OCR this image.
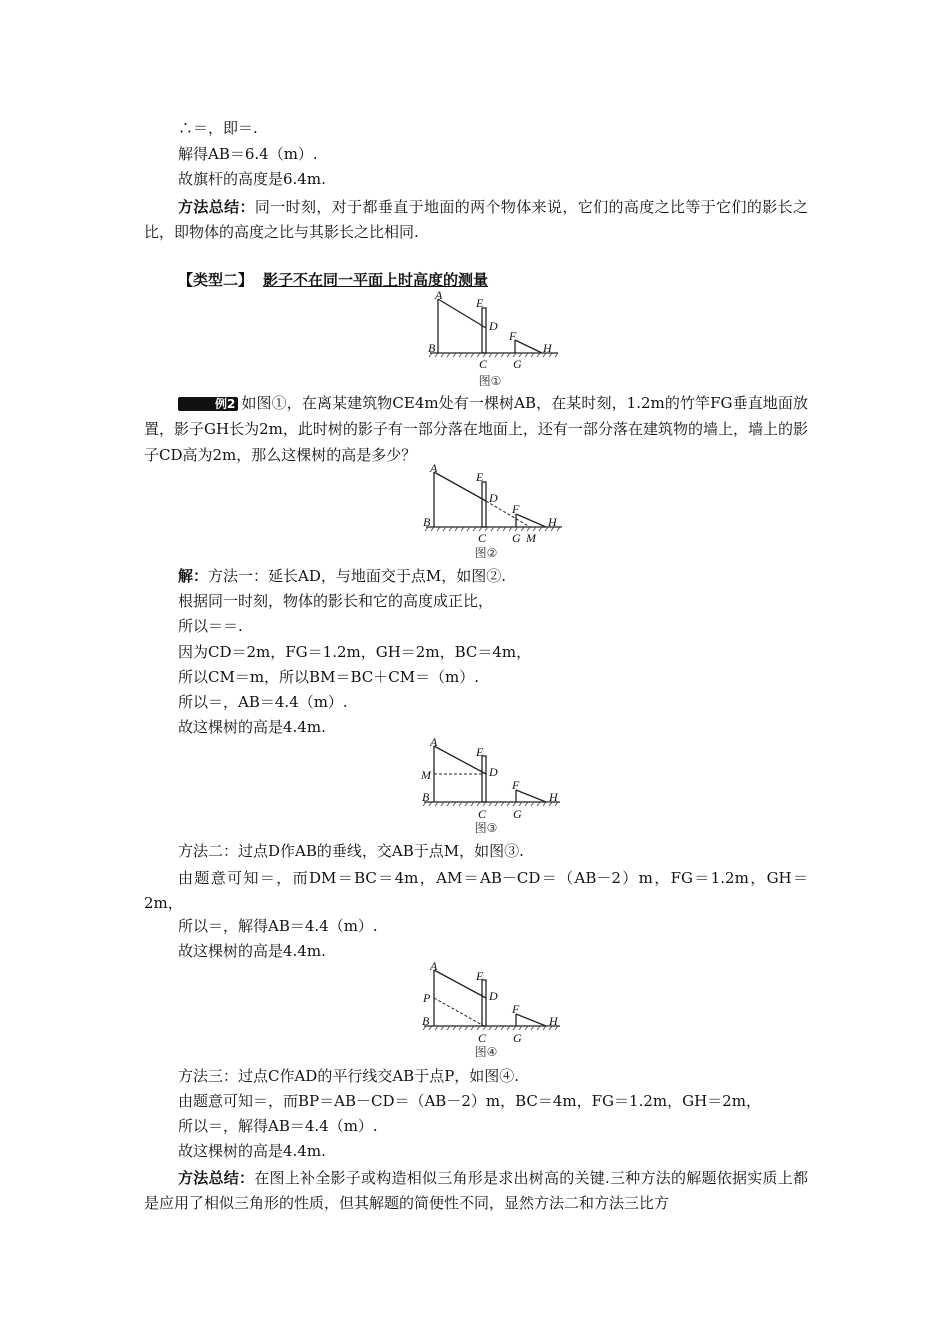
∴＝，即＝.
解得AB＝6.4（m）.
故旗杆的高度是6.4m.
方法总结：同一时刻，对于都垂直于地面的两个物体来说，它们的高度之比等于它们的影长之比，即物体的高度之比与其影长之比相同.
【类型二】 影子不在同一平面上时高度的测量
A
B
C
D
E
F
G
H
图①
例2 如图①，在离某建筑物CE4m处有一棵树AB，在某时刻，1.2m的竹竿FG垂直地面放置，影子GH长为2m，此时树的影子有一部分落在地面上，还有一部分落在建筑物的墙上，墙上的影子CD高为2m，那么这棵树的高是多少？
A
B
C
D
E
F
G M
H
图②
解：方法一：延长AD，与地面交于点M，如图②.
根据同一时刻，物体的影长和它的高度成正比，
所以＝＝.
因为CD＝2m，FG＝1.2m，GH＝2m，BC＝4m，
所以CM＝m，所以BM＝BC＋CM＝（m）.
所以＝，AB＝4.4（m）.
故这棵树的高是4.4m.
A
M
B
C
D
E
F
G
H
图③
方法二：过点D作AB的垂线，交AB于点M，如图③.
由题意可知＝，而DM＝BC＝4m，AM＝AB－CD＝（AB－2）m，FG＝1.2m，GH＝2m，
所以＝，解得AB＝4.4（m）.
故这棵树的高是4.4m.
A
P
B
C
D
E
F
G
H
图④
方法三：过点C作AD的平行线交AB于点P，如图④.
由题意可知＝，而BP＝AB－CD＝（AB－2）m，BC＝4m，FG＝1.2m，GH＝2m，
所以＝，解得AB＝4.4（m）.
故这棵树的高是4.4m.
方法总结：在图上补全影子或构造相似三角形是求出树高的关键.三种方法的解题依据实质上都是应用了相似三角形的性质，但其解题的简便性不同，显然方法二和方法三比方
